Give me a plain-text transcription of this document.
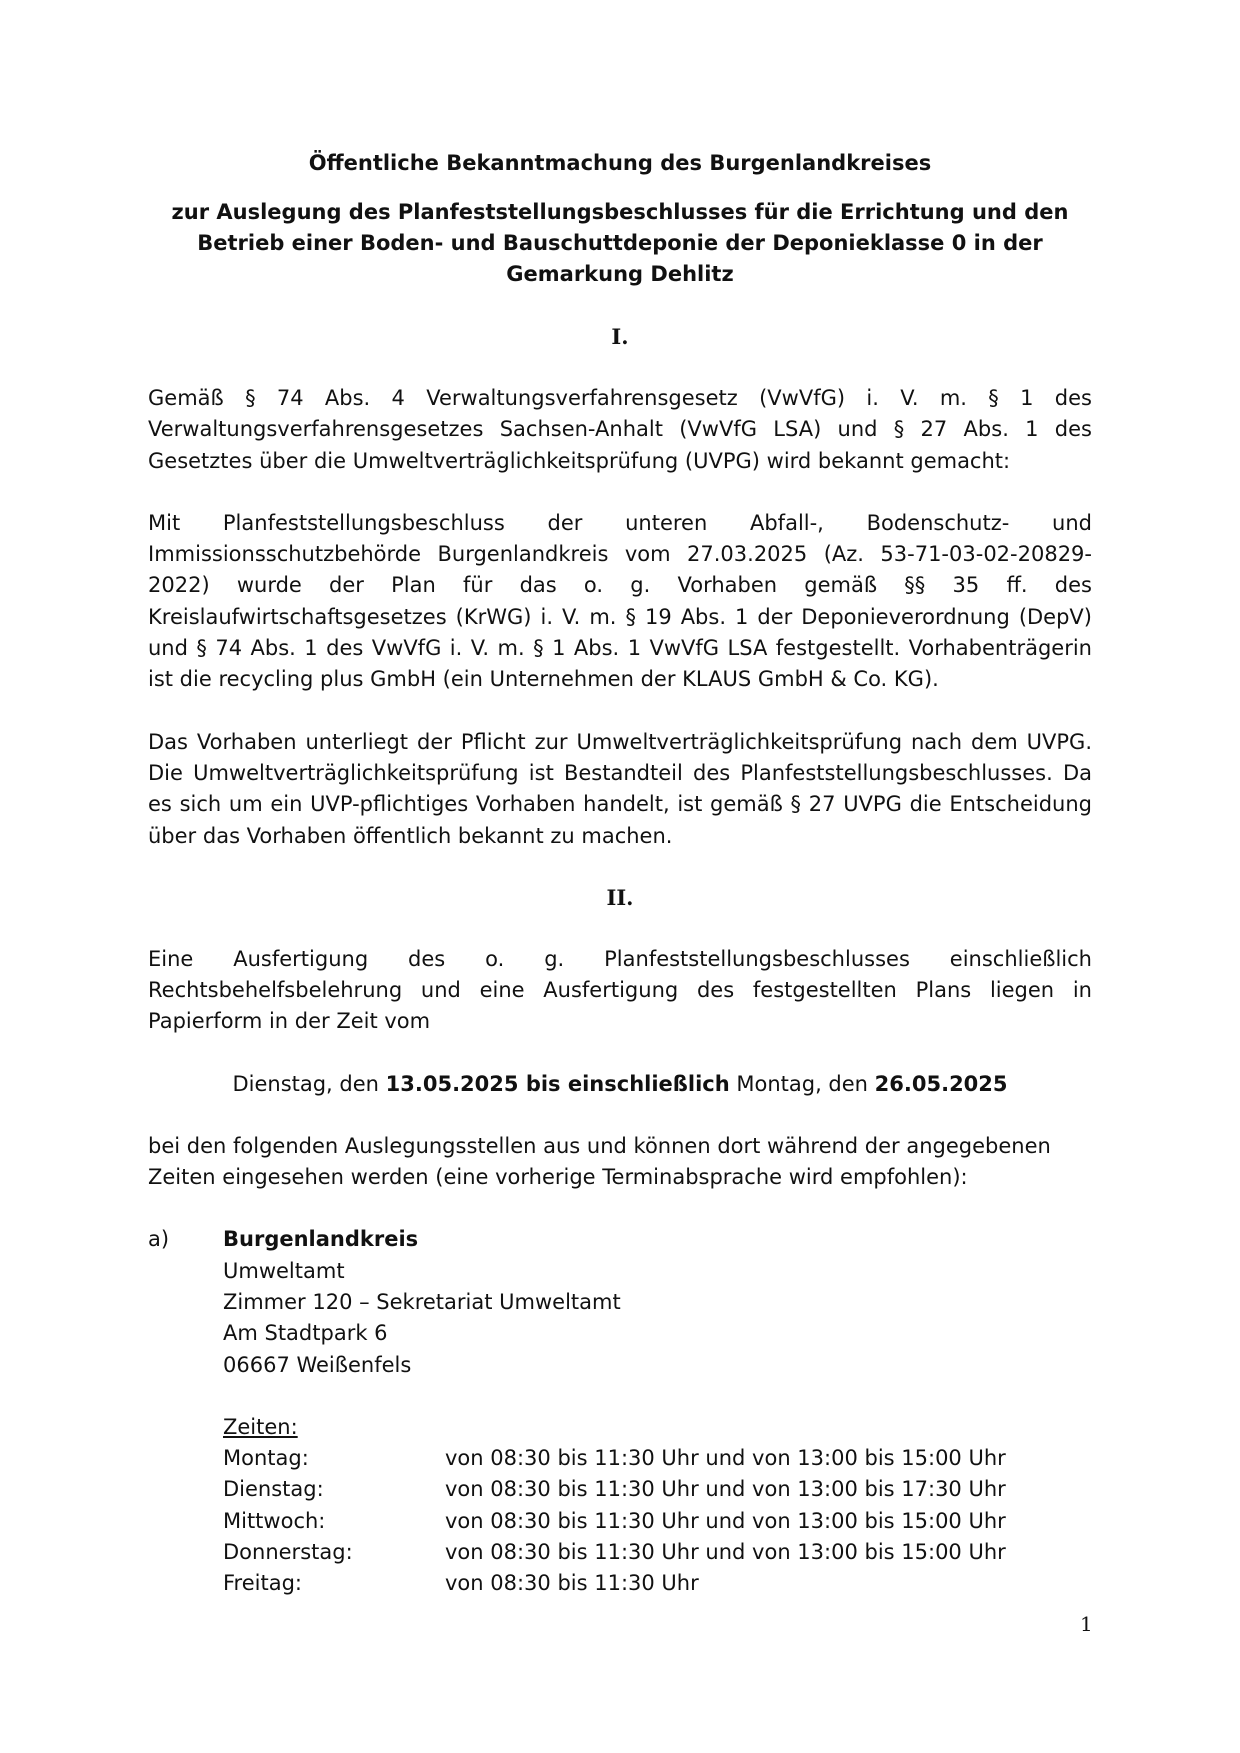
Öffentliche Bekanntmachung des Burgenlandkreises
zur Auslegung des Planfeststellungsbeschlusses für die Errichtung und den Betrieb einer Boden- und Bauschuttdeponie der Deponieklasse 0 in der Gemarkung Dehlitz
I.

Gemäß § 74 Abs. 4 Verwaltungsverfahrensgesetz (VwVfG) i. V. m. § 1 des Verwaltungsverfahrensgesetzes Sachsen-Anhalt (VwVfG LSA) und § 27 Abs. 1 des Gesetztes über die Umweltverträglichkeitsprüfung (UVPG) wird bekannt gemacht:

Mit Planfeststellungsbeschluss der unteren Abfall-, Bodenschutz- und Immissionsschutzbehörde Burgenlandkreis vom 27.03.2025 (Az. 53-71-03-02-20829-2022) wurde der Plan für das o. g. Vorhaben gemäß §§ 35 ff. des Kreislaufwirtschaftsgesetzes (KrWG) i. V. m. § 19 Abs. 1 der Deponieverordnung (DepV) und § 74 Abs. 1 des VwVfG i. V. m. § 1 Abs. 1 VwVfG LSA festgestellt. Vorhabenträgerin ist die recycling plus GmbH (ein Unternehmen der KLAUS GmbH & Co. KG).

Das Vorhaben unterliegt der Pflicht zur Umweltverträglichkeitsprüfung nach dem UVPG. Die Umweltverträglichkeitsprüfung ist Bestandteil des Planfeststellungsbeschlusses. Da es sich um ein UVP-pflichtiges Vorhaben handelt, ist gemäß § 27 UVPG die Entscheidung über das Vorhaben öffentlich bekannt zu machen.

II.

Eine Ausfertigung des o. g. Planfeststellungsbeschlusses einschließlich Rechtsbehelfsbelehrung und eine Ausfertigung des festgestellten Plans liegen in Papierform in der Zeit vom

Dienstag, den 13.05.2025 bis einschließlich Montag, den 26.05.2025

bei den folgenden Auslegungsstellen aus und können dort während der angegebenen Zeiten eingesehen werden (eine vorherige Terminabsprache wird empfohlen):

a)	Burgenlandkreis
Umweltamt
Zimmer 120 – Sekretariat Umweltamt
Am Stadtpark 6
06667 Weißenfels
Zeiten:
Montag:	von 08:30 bis 11:30 Uhr und von 13:00 bis 15:00 Uhr
Dienstag:	von 08:30 bis 11:30 Uhr und von 13:00 bis 17:30 Uhr
Mittwoch:	von 08:30 bis 11:30 Uhr und von 13:00 bis 15:00 Uhr
Donnerstag:	von 08:30 bis 11:30 Uhr und von 13:00 bis 15:00 Uhr
Freitag:	von 08:30 bis 11:30 Uhr
1
